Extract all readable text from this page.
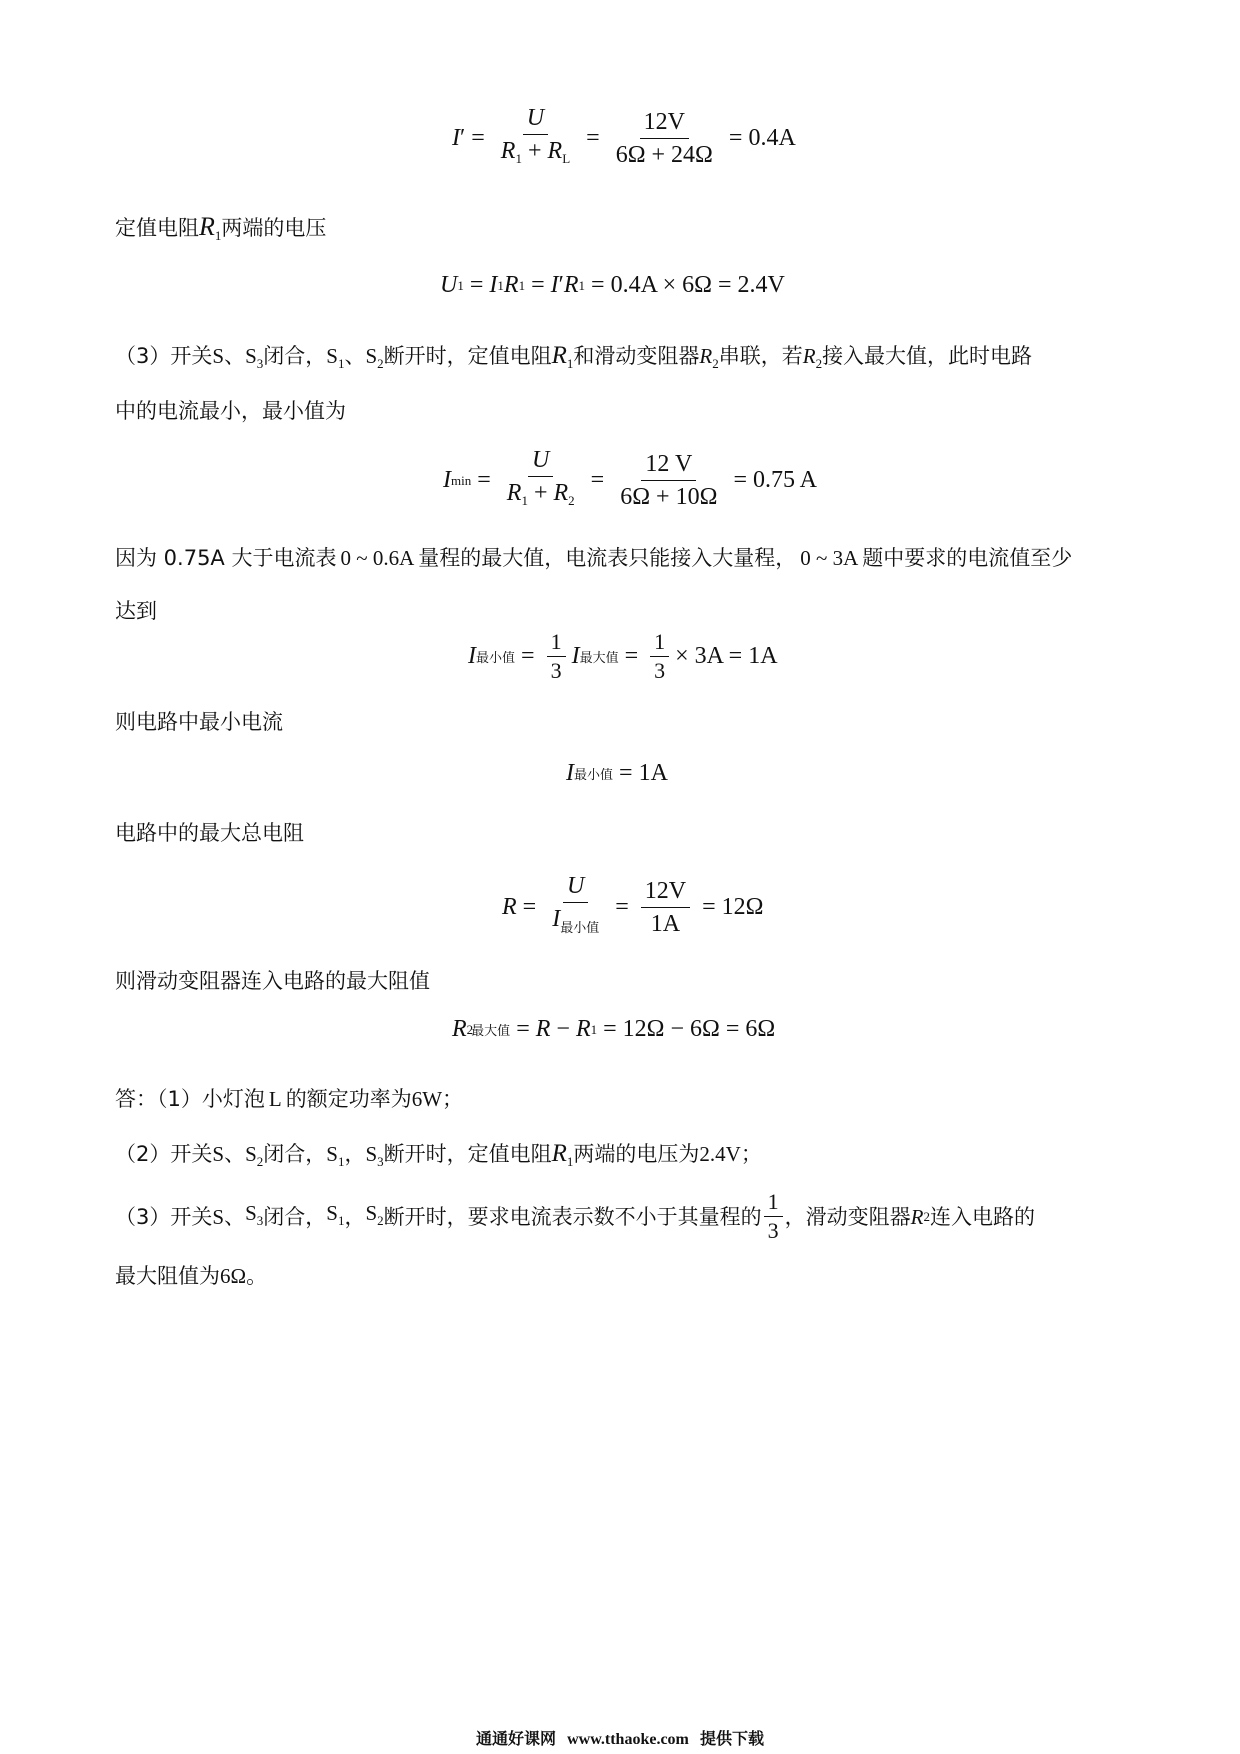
I ′ = $\frac{U}{R_1 + R_L} = \frac{12V}{6\Omega + 24\Omega} = 0.4A$
定值电阻$R_1$两端的电压
U 1 = I 1 R 1 = I ′ R 1 = 0.4A × 6Ω = 2.4V
（3）开关S、$S_3$闭合，$S_1$、$S_2$断开时，定值电阻$R_1$和滑动变阻器$R_2$串联，若$R_2$接入最大值，此时电路
中的电流最小，最小值为
I $\min = \frac{U}{R_1 + R_2} = \frac{12 V}{6\Omega + 10\Omega} = 0.75$ A
因为 0.75A 大于电流表 0 ~ 0.6A 量程的最大值，电流表只能接入大量程， 0 ~ 3A 题中要求的电流值至少
达到
I 最小值 = $\frac{1}{3}$ I 最大值 = $\frac{1}{3} \times 3A = 1A$
则电路中最小电流
I 最小值 = 1A
电路中的最大总电阻
$R = \frac{U}{I_{最小值}} = \frac{12V}{1A} = 12\Omega$
则滑动变阻器连入电路的最大阻值
R 2
最大值 = R − R 1 = 12Ω − 6Ω = 6Ω
答：（1）小灯泡 L 的额定功率为6W；
（2）开关S、$S_2$闭合，$S_1$，$S_3$断开时，定值电阻$R_1$两端的电压为2.4V；
（3）开关 S 、 $S_3$ 闭合， $S_1$ ， $S_2$ 断开时，要求电流表示数不小于其量程的 $\frac{1}{3}$ ，滑动变阻器 R 2 连入电路的
最大阻值为6Ω。
通通好课网 www.tthaoke.com 提供下载
